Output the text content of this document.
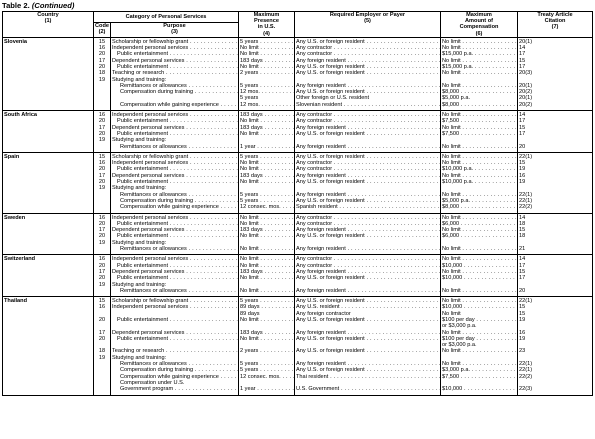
Table 2. (Continued)
Country
(1)	Category of Personal Services		Maximum
Presence
in U.S.
(4)	Required Employer or Payer
(5)	Maximum
Amount of
Compensation
(6)	Treaty Article
Citation
(7)
	Code
(2)	Purpose
(3)				
Slovenia	15	Scholarship or fellowship grant . . .	5 years . . .	Any U.S. or foreign resident . . .	No limit . . .	20(1)
	16	Independent personal services . . .	No limit . . .	Any contractor . . .	No limit . . .	14
	20	Public entertainment . . .	No limit . . .	Any contractor . . .	$15,000 p.a. . . .	17
	17	Dependent personal services . . .	183 days . . .	Any foreign resident . . .	No limit . . .	15
	20	Public entertainment . . .	No limit . . .	Any U.S. or foreign resident . . .	$15,000 p.a. . . .	17
	18	Teaching or research . . .	2 years . . .	Any U.S. or foreign resident . . .	No limit . . .	20(3)
	19	Studying and training:				
		Remittances or allowances . . .	5 years . . .	Any foreign resident . . .	No limit . . .	20(1)
		Compensation during training . . .	12 mos. . . .	Any U.S. or foreign resident . . .	$8,000 . . .	20(2)
			5 years	Other foreign or U.S. resident	$5,000 p.a.	20(1)
		Compensation while gaining experience . . .	12 mos. . . .	Slovenian resident . . .	$8,000 . . .	20(2)
South Africa	16	Independent personal services . . .	183 days . . .	Any contractor . . .	No limit . . .	14
	20	Public entertainment . . .	No limit . . .	Any contractor . . .	$7,500 . . .	17
	17	Dependent personal services . . .	183 days . . .	Any foreign resident . . .	No limit . . .	15
	20	Public entertainment . . .	No limit . . .	Any U.S. or foreign resident . . .	$7,500 . . .	17
	19	Studying and training:				
		Remittances or allowances . . .	1 year . . .	Any foreign resident . . .	No limit . . .	20
Spain	15	Scholarship or fellowship grant . . .	5 years . . .	Any U.S. or foreign resident . . .	No limit . . .	22(1)
	16	Independent personal services . . .	No limit . . .	Any contractor . . .	No limit . . .	15
	20	Public entertainment . . .	No limit . . .	Any contractor . . .	$10,000 p.a. . . .	19
	17	Dependent personal services . . .	183 days . . .	Any foreign resident . . .	No limit . . .	16
	20	Public entertainment . . .	No limit . . .	Any U.S. or foreign resident . . .	$10,000 p.a. . . .	19
	19	Studying and training:				
		Remittances or allowances . . .	5 years . . .	Any foreign resident . . .	No limit . . .	22(1)
		Compensation during training . . .	5 years . . .	Any U.S. or foreign resident . . .	$5,000 p.a. . . .	22(1)
		Compensation while gaining experience . . .	12 consec. mos. . . .	Spanish resident . . .	$8,000 . . .	22(2)
Sweden	16	Independent personal services . . .	No limit . . .	Any contractor . . .	No limit . . .	14
	20	Public entertainment . . .	No limit . . .	Any contractor . . .	$6,000 . . .	18
	17	Dependent personal services . . .	183 days . . .	Any foreign resident . . .	No limit . . .	15
	20	Public entertainment . . .	No limit . . .	Any U.S. or foreign resident . . .	$6,000 . . .	18
	19	Studying and training:				
		Remittances or allowances . . .	No limit . . .	Any foreign resident . . .	No limit . . .	21
Switzerland	16	Independent personal services . . .	No limit . . .	Any contractor . . .	No limit . . .	14
	20	Public entertainment . . .	No limit . . .	Any contractor . . .	$10,000 . . .	17
	17	Dependent personal services . . .	183 days . . .	Any foreign resident . . .	No limit . . .	15
	20	Public entertainment . . .	No limit . . .	Any U.S. or foreign resident . . .	$10,000 . . .	17
	19	Studying and training:				
		Remittances or allowances . . .	No limit . . .	Any foreign resident . . .	No limit . . .	20
Thailand	15	Scholarship or fellowship grant . . .	5 years . . .	Any U.S. or foreign resident . . .	No limit . . .	22(1)
	16	Independent personal services . . .	89 days . . .	Any U.S. resident . . .	$10,000 . . .	15
			89 days	Any foreign contractor	No limit	15
	20	Public entertainment . . .	No limit . . .	Any U.S. or foreign resident . . .	$100 per day . . .	19
					or $3,000 p.a.	
	17	Dependent personal services . . .	183 days . . .	Any foreign resident . . .	No limit . . .	16
	20	Public entertainment . . .	No limit . . .	Any U.S. or foreign resident . . .	$100 per day . . .	19
					or $3,000 p.a.	
	18	Teaching or research . . .	2 years . . .	Any U.S. or foreign resident . . .	No limit . . .	23
	19	Studying and training:				
		Remittances or allowances . . .	5 years . . .	Any foreign resident . . .	No limit . . .	22(1)
		Compensation during training . . .	5 years . . .	Any U.S. or foreign resident . . .	$3,000 p.a. . . .	22(1)
		Compensation while gaining experience . . .	12 consec. mos. . . .	Thai resident . . .	$7,500 . . .	22(2)
		Compensation under U.S.				
		Government program . . .	1 year . . .	U.S. Government . . .	$10,000 . . .	22(3)
